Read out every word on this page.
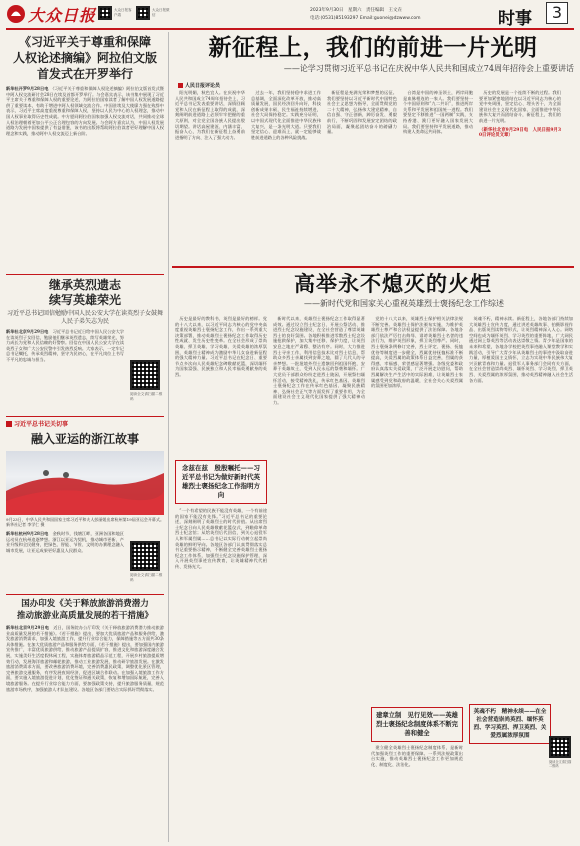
大众日报	大众日报客户端
大众日报微信
2023年9月30日　星期六　责任编辑　王文垚
电话:(0531)85193297 Email:guonei@dzwww.com	时事	3
《习近平关于尊重和保障
人权论述摘编》阿拉伯文版
首发式在开罗举行
新华社开罗9月28日电　《习近平关于尊重和保障人权论述摘编》阿拉伯文版首发式暨中阿人权交流研讨会28日在埃及首都开罗举行。与会嘉宾表示，该书集中展现了习近平主席关于尊重和保障人权的重要论述，为阿拉伯国家读者了解中国人权发展道路提供了重要读本，有助于增进中阿人权领域交流合作。中国驻埃及大使廖力强在致辞中表示，习近平主席高度重视尊重和保障人权，坚持以人民为中心的人权理念，推动中国人权事业取得历史性成就。中方愿同阿拉伯国家加强人权交流对话，共同推动全球人权治理朝着更加公平公正合理包容的方向发展。与会阿方嘉宾认为，中国人权发展道路为发展中国家提供了有益借鉴，该书的出版将帮助阿拉伯读者更好理解中国人权理念和实践，推动阿中人权交流迈上新台阶。
继承英烈遗志
续写英雄荣光
习近平总书记回信勉励中国人民公安大学在读英烈子女鼓舞人民子弟矢志为民
新华社北京9月29日电　习近平总书记近日给中国人民公安大学在读英烈子女回信，勉励他们继承英烈遗志，续写英雄荣光，努力成长为党和人民信赖的好警察。回信在中国人民公安大学在读英烈子女和广大公安民警中引发热烈反响。大家表示，一定牢记总书记嘱托，传承英烈精神，坚守为民初心，在平凡岗位上书写不平凡的忠诚与担当。
阅读全文请扫描二维码
习近平总书记关切事
融入亚运的浙江故事
9月23日，中华人民共和国国家主席习近平和夫人彭丽媛出席杭州第19届亚运会开幕式。 新华社记者 李学仁 摄
新华社杭州9月28日电　金秋时节，钱塘江畔，亚洲各国和地区运动员在杭州追逐梦想。浙江以亚运为契机，推动城市更新、产业升级和全民健身，把绿色、智能、节俭、文明的办赛理念融入城市发展，让亚运成果更好惠及人民群众。
阅读全文请扫描二维码
国办印发《关于释放旅游消费潜力
推动旅游业高质量发展的若干措施》
新华社北京9月29日电　近日，国务院办公厅印发《关于释放旅游消费潜力推动旅游业高质量发展的若干措施》。《若干措施》提出，要加大优质旅游产品和服务供给，激发旅游消费需求，加强入境旅游工作，提升行业综合能力，保障措施等五方面共30条具体措施。在加大优质旅游产品和服务供给方面，《若干措施》提出，要加强国内旅游宣传推广，丰富优质旅游供给，推动旅游产品提质扩容，推进文化和旅游深度融合发展，实施美好生活度假休闲工程，实施体育旅游精品示范工程，开展乡村旅游提质增效行动，发展海洋旅游和邮轮旅游，推动工业旅游发展，推动研学旅游发展。在激发旅游消费需求方面，要改善旅游消费环境，完善消费惠民政策，调整优化景区管理，完善旅游交通服务，有序发展夜间经济，促进区域合作联动。在加强入境旅游工作方面，要实施入境旅游促进计划，优化签证和通关政策，恢复和增加国际航班，完善入境旅游服务。在提升行业综合能力方面，要加强政策支持，提升旅游服务质量，规范旅游市场秩序，加强旅游人才队伍建设。各地区各部门要结合实际抓好贯彻落实。
新征程上，我们的前进一片光明
——论学习贯彻习近平总书记在庆祝中华人民共和国成立74周年招待会上重要讲话
人民日报评论员
　阳光明媚，秋色宜人。在庆祝中华人民共和国成立74周年招待会上，习近平总书记发表重要讲话，深情回顾党和人民在新征程上取得的成就，深刻阐明前进道路上必须牢牢把握的重大原则，对全党全国各族人民提出殷切期望。讲话高屋建瓴、内涵丰富、振奋人心，为我们在新征程上奋勇前进指明了方向、注入了强大动力。
　过去一年，我们坚持稳中求进工作总基调，全面深化改革开放，推动高质量发展，国民经济回升向好，科技创新成果丰硕，民生福祉持续增进，社会大局保持稳定。实践充分证明，以中国式现代化全面推进中华民族伟大复兴，是一条光明大道。只要我们坚定信心、迎难而上，就一定能够战胜前进道路上的各种风险挑战。
　新征程是充满光荣和梦想的远征。我们要坚持以习近平新时代中国特色社会主义思想为指导，全面贯彻党的二十大精神，弘扬伟大建党精神，自信自强、守正创新，踔厉奋发、勇毅前行，不断巩固和发展安定团结的政治局面，凝聚起团结奋斗的磅礴力量。
　台湾是中国的神圣领土，两岸同胞是血脉相连的一家人。我们要坚持一个中国原则和“九二共识”，推进两岸关系和平发展和祖国统一进程。我们要坚定不移推进“一国两制”实践，支持香港、澳门更好融入国家发展大局。我们要坚持和平发展道路，推动构建人类命运共同体。
　历史的发展是一个连续不断的过程。我们要更加紧密地团结在以习近平同志为核心的党中央周围，坚定信心、埋头苦干，为全面建设社会主义现代化国家、全面推进中华民族伟大复兴而团结奋斗，新征程上，我们的前进一片光明。
（新华社北京9月29日电　人民日报9月30日评论员文章）
高举永不熄灭的火炬
——新时代党和国家关心重视英雄烈士褒扬纪念工作综述
　历史是最好的教科书，英烈是最好的榜样。党的十八大以来，以习近平同志为核心的党中央高度重视英雄烈士褒扬纪念工作，作出一系列重大决策部署，推动英雄烈士褒扬纪念工作取得历史性成就、发生历史性变革。在全社会形成了崇尚英雄、捍卫英雄、学习英雄、关爱英雄的浓厚氛围，英雄烈士精神成为激励中华儿女奋进新征程的强大精神力量。习近平总书记在纪念日、重要节点多次向人民英雄纪念碑敬献花篮，深切缅怀为国家富强、民族独立和人民幸福英勇献身的英烈。
念兹在兹　殷殷嘱托——习近平总书记为做好新时代英雄烈士褒扬纪念工作指明方向
　“一个有希望的民族不能没有英雄，一个有前途的国家不能没有先锋。”习近平总书记的重要论述，深刻阐明了英雄烈士的时代价值。从出席烈士纪念日向人民英雄敬献花篮仪式，到瞻仰革命烈士纪念馆；从给英烈后代回信，到关心退役军人和军属烈属……总书记以实际行动树立起崇尚英雄的鲜明导向。各地区各部门认真贯彻落实总书记重要指示精神，不断健全完善英雄烈士褒扬纪念工作体系，加强烈士纪念设施保护管理，深入开展英烈事迹宣传教育，让英雄精神代代相传、发扬光大。
　新时代以来，英雄烈士褒扬纪念工作取得显著成效。通过设立烈士纪念日、开展公祭活动、推进烈士纪念设施建设，在全社会营造了尊崇英雄烈士的良好氛围。各地积极推进零散烈士纪念设施抢救保护，加大集中迁移、保护力度，让英烈安息之地庄严肃穆、整洁有序。同时，大力推进烈士寻亲工作，利用信息技术比对烈士信息，帮助众多烈士亲属找到安葬之地，圆了几代人的寻亲梦想。一批批境外烈士遗骸回到祖国怀抱，安葬于英雄故土，受到人民永远的祭奠和缅怀。广大党员干部群众纷纷走进烈士陵园，开展祭扫缅怀活动，接受精神洗礼，传承红色基因。英雄烈士褒扬纪念工作在传承红色基因、凝聚民族精神、弘扬社会正气等方面发挥了重要作用，为全面建设社会主义现代化国家提供了强大精神动力。
　党的十八大以来，英雄烈士保护相关法律法规不断完善。英雄烈士保护法颁布实施，为维护英雄烈士尊严和合法权益提供了法治保障。各地各部门依法严厉打击侮辱、诽谤英雄烈士名誉的违法行为，维护英烈形象，捍卫英烈尊严。同时，烈士褒扬条例修订完善，烈士评定、褒扬、抚恤优待等制度进一步健全，烈属优待抚恤标准不断提高，关爱烈属的政策体系日益完善，烈属的获得感、幸福感、荣誉感显著增强。各级党委和政府认真落实关爱政策，广泛开展走访慰问，帮助烈属解决生产生活中的实际困难，让英雄烈士家属感受到党和政府的温暖，全社会关心关爱烈属的氛围更加浓厚。
建章立制　见行见效——英雄烈士褒扬纪念制度体系不断完善和健全
　建立健全英雄烈士褒扬纪念制度体系，是新时代加强英烈工作的重要保障。一系列法规政策出台实施，推动英雄烈士褒扬纪念工作更加规范化、制度化、法治化。
　英魂不朽，精神永续。新征程上，各地各部门持续加大英雄烈士宣传力度，通过讲述英雄故事、拍摄影视作品、出版英烈读物等形式，让英烈精神深入人心。网络空间也成为缅怀英烈、学习英烈的重要阵地，广大网民通过网上祭英烈等活动表达崇敬之情。青少年是国家的未来和希望，各地各学校把英烈事迹融入课堂教学和实践活动，引导广大青少年从英雄烈士的事迹中汲取奋进力量，厚植爱国主义情怀，立志为实现中华民族伟大复兴贡献青春和力量。退役军人事务部门会同有关方面，在全社会营造崇尚英烈、缅怀英烈、学习英烈、捍卫英烈、关爱烈属的浓厚氛围，推动英烈精神融入社会生活各方面。
英魂不朽　精神永续——在全社会营造崇尚英烈、缅怀英烈、学习英烈、捍卫英烈、关爱烈属浓厚氛围
阅读全文请扫描二维码
